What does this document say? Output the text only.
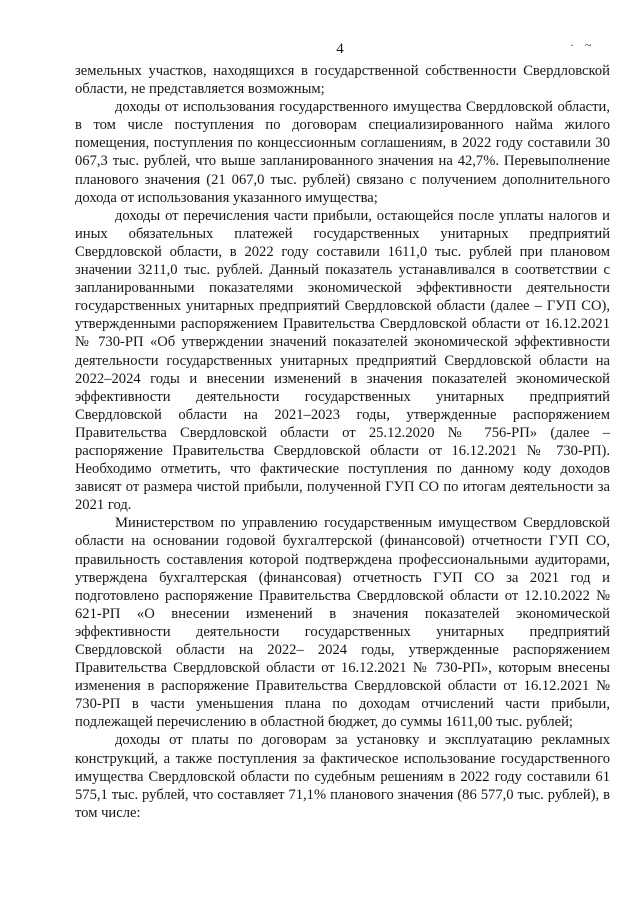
4	· ~

земельных участков, находящихся в государственной собственности Свердловской области, не представляется возможным;

доходы от использования государственного имущества Свердловской области, в том числе поступления по договорам специализированного найма жилого помещения, поступления по концессионным соглашениям, в 2022 году составили 30 067,3 тыс. рублей, что выше запланированного значения на 42,7%. Перевыполнение планового значения (21 067,0 тыс. рублей) связано с получением дополнительного дохода от использования указанного имущества;

доходы от перечисления части прибыли, остающейся после уплаты налогов и иных обязательных платежей государственных унитарных предприятий Свердловской области, в 2022 году составили 1611,0 тыс. рублей при плановом значении 3211,0 тыс. рублей. Данный показатель устанавливался в соответствии с запланированными показателями экономической эффективности деятельности государственных унитарных предприятий Свердловской области (далее – ГУП СО), утвержденными распоряжением Правительства Свердловской области от 16.12.2021 № 730-РП «Об утверждении значений показателей экономической эффективности деятельности государственных унитарных предприятий Свердловской области на 2022–2024 годы и внесении изменений в значения показателей экономической эффективности деятельности государственных унитарных предприятий Свердловской области на 2021–2023 годы, утвержденные распоряжением Правительства Свердловской области от 25.12.2020 № 756-РП» (далее – распоряжение Правительства Свердловской области от 16.12.2021 № 730-РП). Необходимо отметить, что фактические поступления по данному коду доходов зависят от размера чистой прибыли, полученной ГУП СО по итогам деятельности за 2021 год.

Министерством по управлению государственным имуществом Свердловской области на основании годовой бухгалтерской (финансовой) отчетности ГУП СО, правильность составления которой подтверждена профессиональными аудиторами, утверждена бухгалтерская (финансовая) отчетность ГУП СО за 2021 год и подготовлено распоряжение Правительства Свердловской области от 12.10.2022 № 621-РП «О внесении изменений в значения показателей экономической эффективности деятельности государственных унитарных предприятий Свердловской области на 2022– 2024 годы, утвержденные распоряжением Правительства Свердловской области от 16.12.2021 № 730-РП», которым внесены изменения в распоряжение Правительства Свердловской области от 16.12.2021 № 730-РП в части уменьшения плана по доходам отчислений части прибыли, подлежащей перечислению в областной бюджет, до суммы 1611,00 тыс. рублей;

доходы от платы по договорам за установку и эксплуатацию рекламных конструкций, а также поступления за фактическое использование государственного имущества Свердловской области по судебным решениям в 2022 году составили 61 575,1 тыс. рублей, что составляет 71,1% планового значения (86 577,0 тыс. рублей), в том числе:
